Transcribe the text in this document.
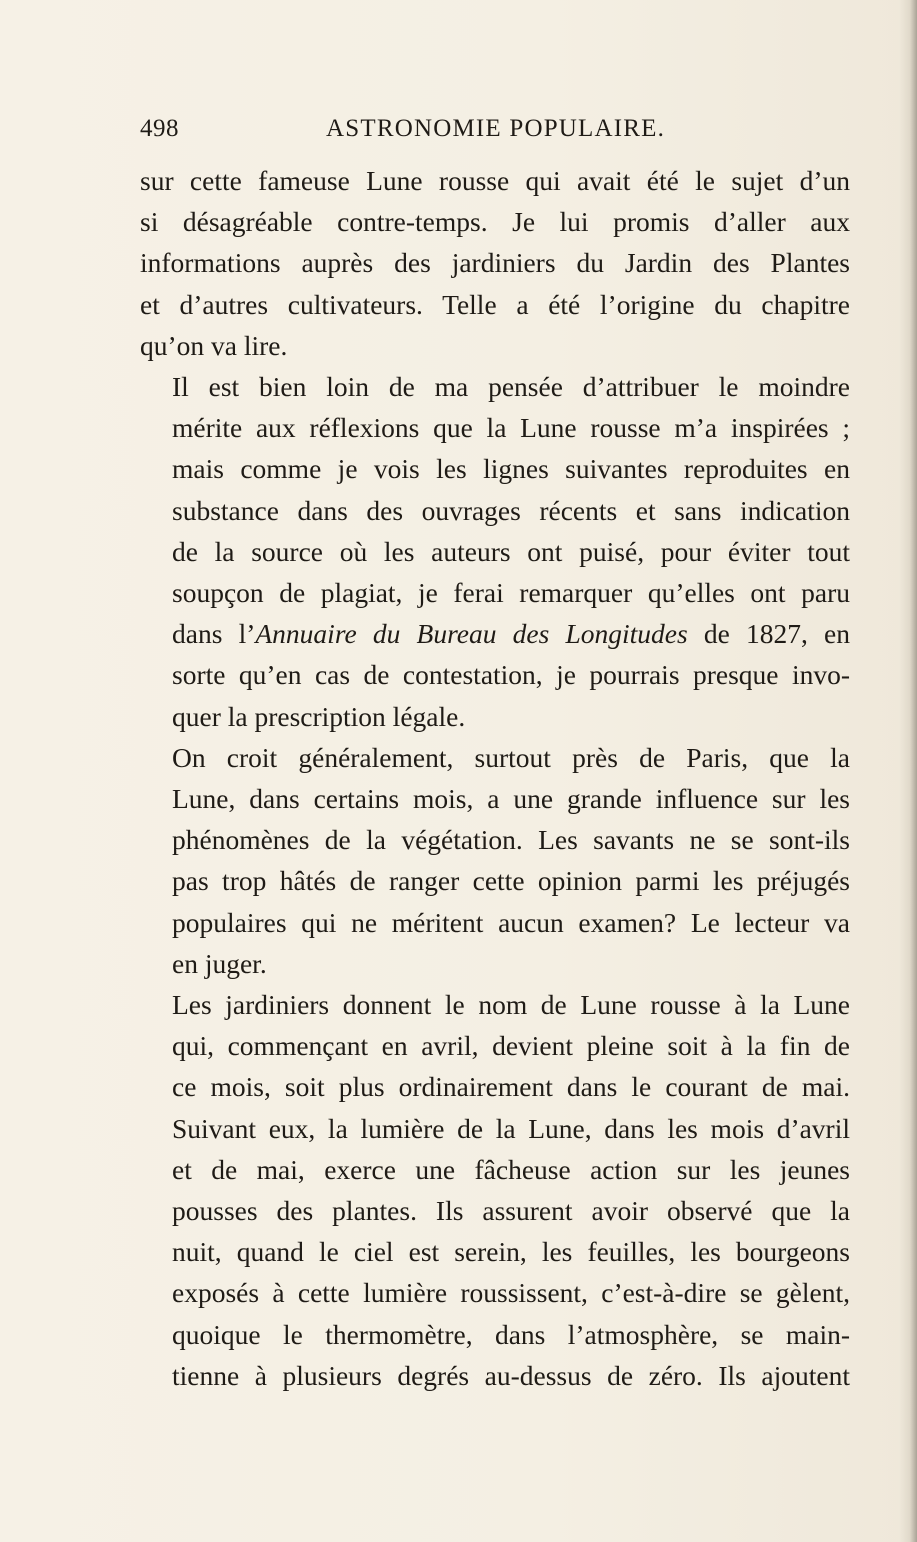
498	ASTRONOMIE POPULAIRE.

sur cette fameuse Lune rousse qui avait été le sujet d’un
si désagréable contre-temps. Je lui promis d’aller aux
informations auprès des jardiniers du Jardin des Plantes
et d’autres cultivateurs. Telle a été l’origine du chapitre
qu’on va lire.

Il est bien loin de ma pensée d’attribuer le moindre
mérite aux réflexions que la Lune rousse m’a inspirées ;
mais comme je vois les lignes suivantes reproduites en
substance dans des ouvrages récents et sans indication
de la source où les auteurs ont puisé, pour éviter tout
soupçon de plagiat, je ferai remarquer qu’elles ont paru
dans l’Annuaire du Bureau des Longitudes de 1827, en
sorte qu’en cas de contestation, je pourrais presque invo-
quer la prescription légale.

On croit généralement, surtout près de Paris, que la
Lune, dans certains mois, a une grande influence sur les
phénomènes de la végétation. Les savants ne se sont-ils
pas trop hâtés de ranger cette opinion parmi les préjugés
populaires qui ne méritent aucun examen? Le lecteur va
en juger.

Les jardiniers donnent le nom de Lune rousse à la Lune
qui, commençant en avril, devient pleine soit à la fin de
ce mois, soit plus ordinairement dans le courant de mai.
Suivant eux, la lumière de la Lune, dans les mois d’avril
et de mai, exerce une fâcheuse action sur les jeunes
pousses des plantes. Ils assurent avoir observé que la
nuit, quand le ciel est serein, les feuilles, les bourgeons
exposés à cette lumière roussissent, c’est-à-dire se gèlent,
quoique le thermomètre, dans l’atmosphère, se main-
tienne à plusieurs degrés au-dessus de zéro. Ils ajoutent
